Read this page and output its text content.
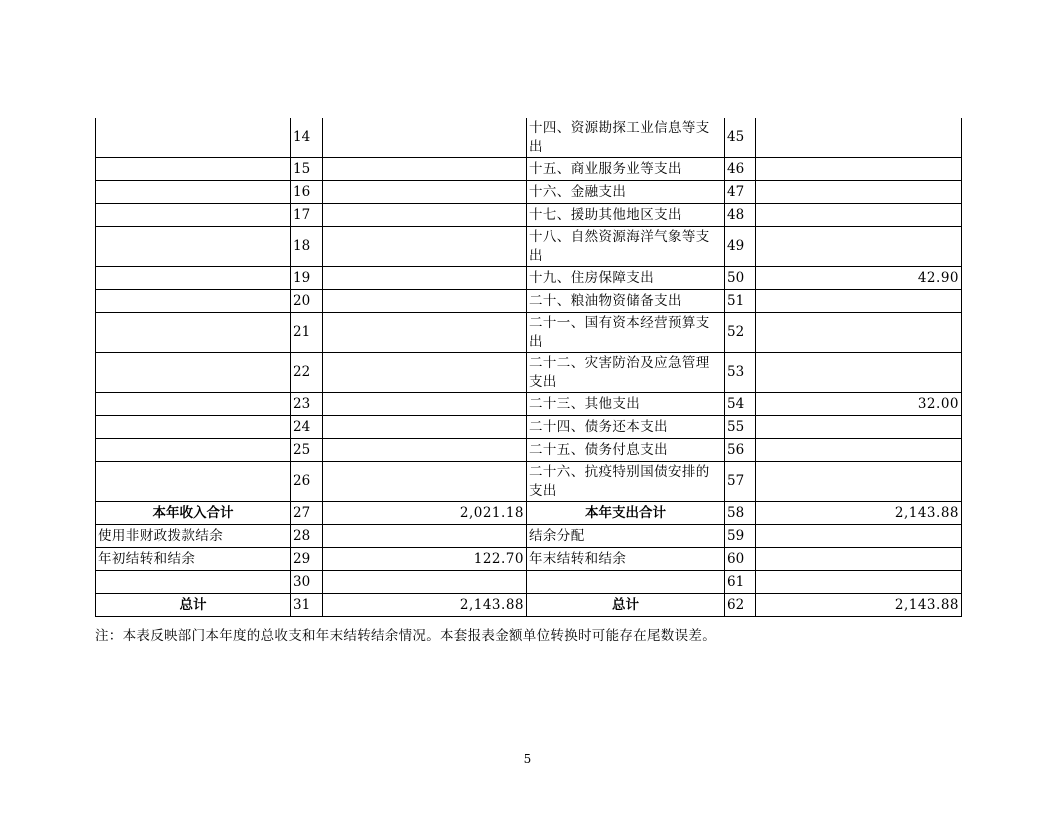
	14		十四、资源勘探工业信息等支出	45	
	15		十五、商业服务业等支出	46	
	16		十六、金融支出	47	
	17		十七、援助其他地区支出	48	
	18		十八、自然资源海洋气象等支出	49	
	19		十九、住房保障支出	50	42.90
	20		二十、粮油物资储备支出	51	
	21		二十一、国有资本经营预算支出	52	
	22		二十二、灾害防治及应急管理支出	53	
	23		二十三、其他支出	54	32.00
	24		二十四、债务还本支出	55	
	25		二十五、债务付息支出	56	
	26		二十六、抗疫特别国债安排的支出	57	
本年收入合计	27	2,021.18	本年支出合计	58	2,143.88
使用非财政拨款结余	28		结余分配	59	
年初结转和结余	29	122.70	年末结转和结余	60	
	30			61	
总计	31	2,143.88	总计	62	2,143.88
注：本表反映部门本年度的总收支和年末结转结余情况。本套报表金额单位转换时可能存在尾数误差。
5
